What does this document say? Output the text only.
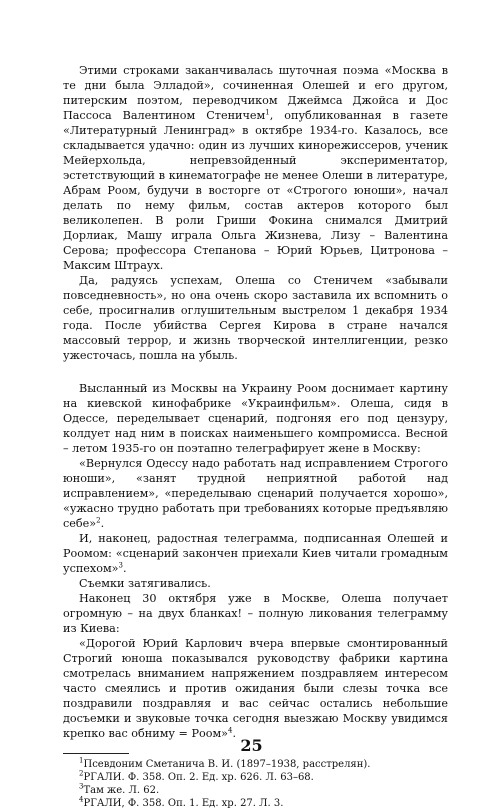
Этими строками заканчивалась шуточная поэма «Москва в те дни была Элладой», сочиненная Олешей и его другом, питерским поэтом, переводчиком Джеймса Джойса и Дос Пассоса Валентином Стеничем$^1$, опубликованная в газете «Литературный Ленинград» в октябре 1934-го. Казалось, все складывается удачно: один из лучших кинорежиссеров, ученик Мейерхольда, непревзойденный экспериментатор, эстетствующий в кинематографе не менее Олеши в литературе, Абрам Роом, будучи в восторге от «Строгого юноши», начал делать по нему фильм, состав актеров которого был великолепен. В роли Гриши Фокина снимался Дмитрий Дорлиак, Машу играла Ольга Жизнева, Лизу – Валентина Серова; профессора Степанова – Юрий Юрьев, Цитронова – Максим Штраух.

Да, радуясь успехам, Олеша со Стеничем «забывали повседневность», но она очень скоро заставила их вспомнить о себе, просигналив оглушительным выстрелом 1 декабря 1934 года. После убийства Сергея Кирова в стране начался массовый террор, и жизнь творческой интеллигенции, резко ужесточась, пошла на убыль.

Высланный из Москвы на Украину Роом доснимает картину на киевской кинофабрике «Украинфильм». Олеша, сидя в Одессе, переделывает сценарий, подгоняя его под цензуру, колдует над ним в поисках наименьшего компромисса. Весной – летом 1935-го он поэтапно телеграфирует жене в Москву:

«Вернулся Одессу надо работать над исправлением Строгого юноши», «занят трудной неприятной работой над исправлением», «переделываю сценарий получается хорошо», «ужасно трудно работать при требованиях которые предъявляю себе»$^2$.

И, наконец, радостная телеграмма, подписанная Олешей и Роомом: «сценарий закончен приехали Киев читали громадным успехом»$^3$.

Съемки затягивались.

Наконец 30 октября уже в Москве, Олеша получает огромную – на двух бланках! – полную ликования телеграмму из Киева:

«Дорогой Юрий Карлович вчера впервые смонтированный Строгий юноша показывался руководству фабрики картина смотрелась вниманием напряжением поздравляем интересом часто смеялись и против ожидания были слезы точка все поздравили поздравляя и вас сейчас остались небольшие досъемки и звуковые точка сегодня выезжаю Москву увидимся крепко вас обниму = Роом»$^4$.

$^1$Псевдоним Сметанича В. И. (1897–1938, расстрелян).
$^2$РГАЛИ. Ф. 358. Оп. 2. Ед. хр. 626. Л. 63–68.
$^3$Там же. Л. 62.
$^4$РГАЛИ, Ф. 358. Оп. 1. Ед. хр. 27. Л. 3.
25
